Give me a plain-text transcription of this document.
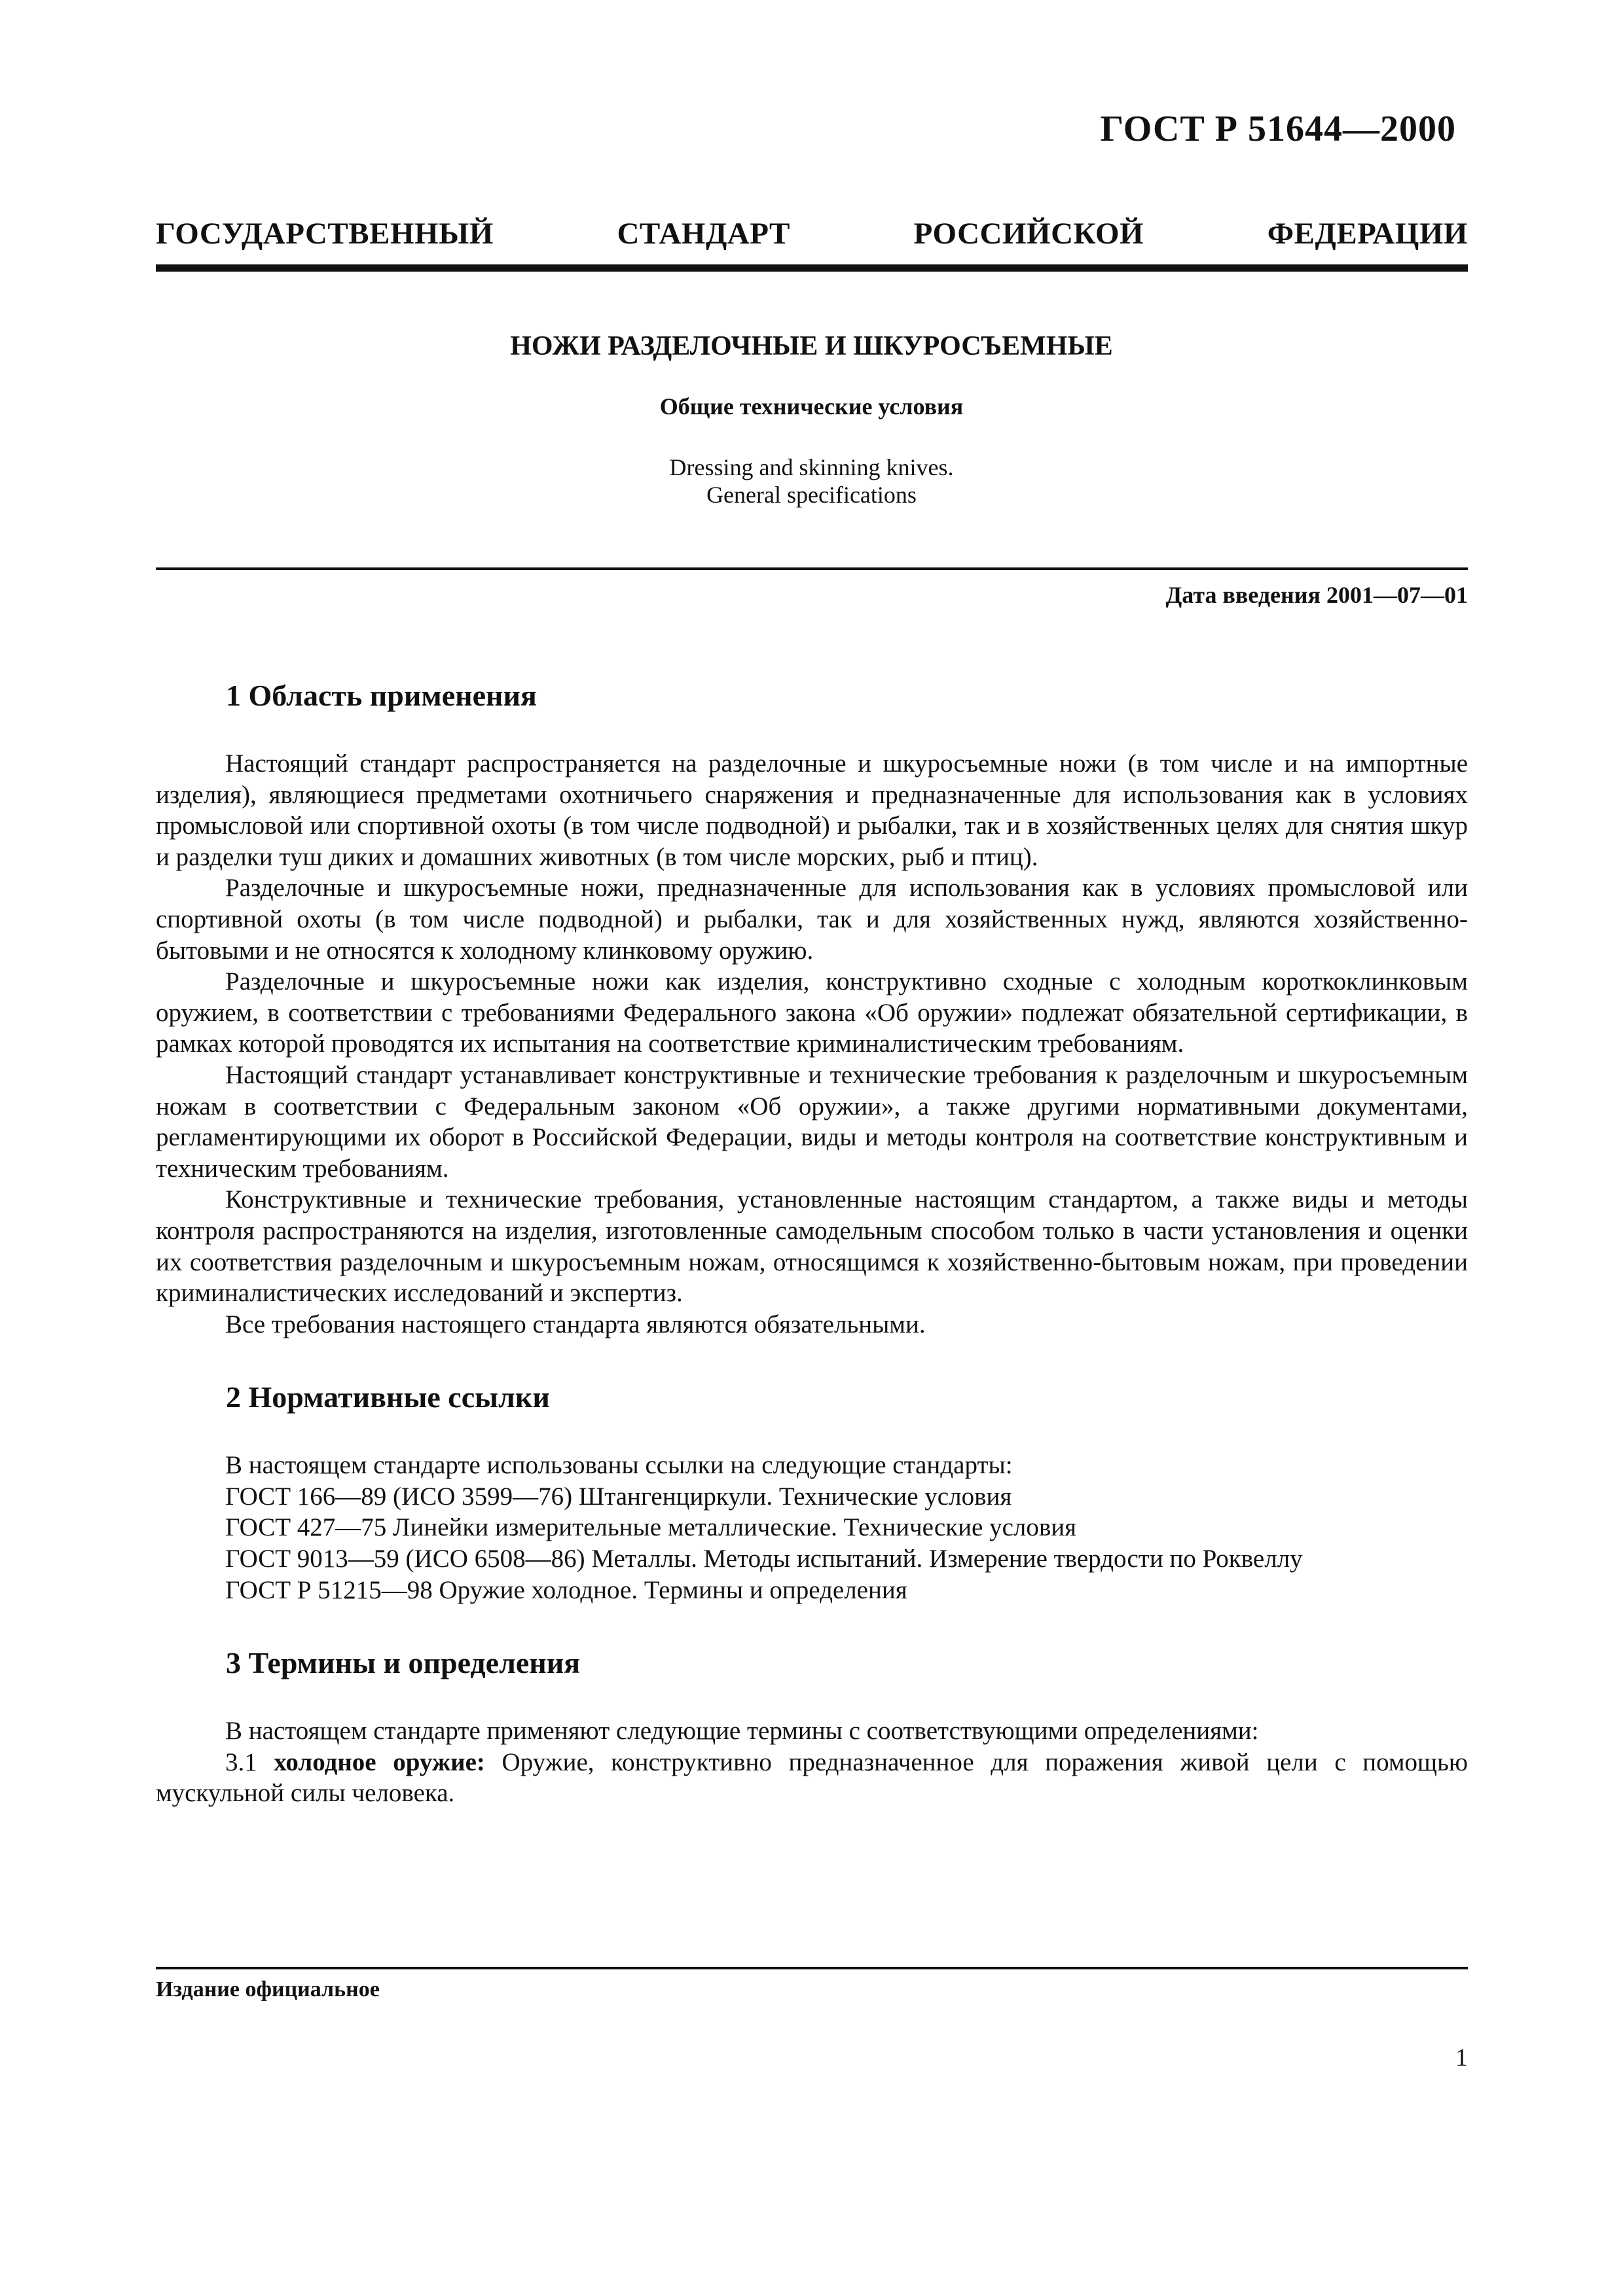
ГОСТ Р 51644—2000
ГОСУДАРСТВЕННЫЙ СТАНДАРТ РОССИЙСКОЙ ФЕДЕРАЦИИ
НОЖИ РАЗДЕЛОЧНЫЕ И ШКУРОСЪЕМНЫЕ
Общие технические условия
Dressing and skinning knives.
General specifications
Дата введения 2001—07—01
1 Область применения

Настоящий стандарт распространяется на разделочные и шкуросъемные ножи (в том числе и на импортные изделия), являющиеся предметами охотничьего снаряжения и предназначенные для использования как в условиях промысловой или спортивной охоты (в том числе подводной) и рыбалки, так и в хозяйственных целях для снятия шкур и разделки туш диких и домашних животных (в том числе морских, рыб и птиц).

Разделочные и шкуросъемные ножи, предназначенные для использования как в условиях промысловой или спортивной охоты (в том числе подводной) и рыбалки, так и для хозяйственных нужд, являются хозяйственно-бытовыми и не относятся к холодному клинковому оружию.

Разделочные и шкуросъемные ножи как изделия, конструктивно сходные с холодным короткоклинковым оружием, в соответствии с требованиями Федерального закона «Об оружии» подлежат обязательной сертификации, в рамках которой проводятся их испытания на соответствие криминалистическим требованиям.

Настоящий стандарт устанавливает конструктивные и технические требования к разделочным и шкуросъемным ножам в соответствии с Федеральным законом «Об оружии», а также другими нормативными документами, регламентирующими их оборот в Российской Федерации, виды и методы контроля на соответствие конструктивным и техническим требованиям.

Конструктивные и технические требования, установленные настоящим стандартом, а также виды и методы контроля распространяются на изделия, изготовленные самодельным способом только в части установления и оценки их соответствия разделочным и шкуросъемным ножам, относящимся к хозяйственно-бытовым ножам, при проведении криминалистических исследований и экспертиз.

Все требования настоящего стандарта являются обязательными.

2 Нормативные ссылки

В настоящем стандарте использованы ссылки на следующие стандарты:

ГОСТ 166—89 (ИСО 3599—76) Штангенциркули. Технические условия

ГОСТ 427—75 Линейки измерительные металлические. Технические условия

ГОСТ 9013—59 (ИСО 6508—86) Металлы. Методы испытаний. Измерение твердости по Роквеллу

ГОСТ Р 51215—98 Оружие холодное. Термины и определения

3 Термины и определения

В настоящем стандарте применяют следующие термины с соответствующими определениями:

3.1 холодное оружие: Оружие, конструктивно предназначенное для поражения живой цели с помощью мускульной силы человека.

Издание официальное
1
